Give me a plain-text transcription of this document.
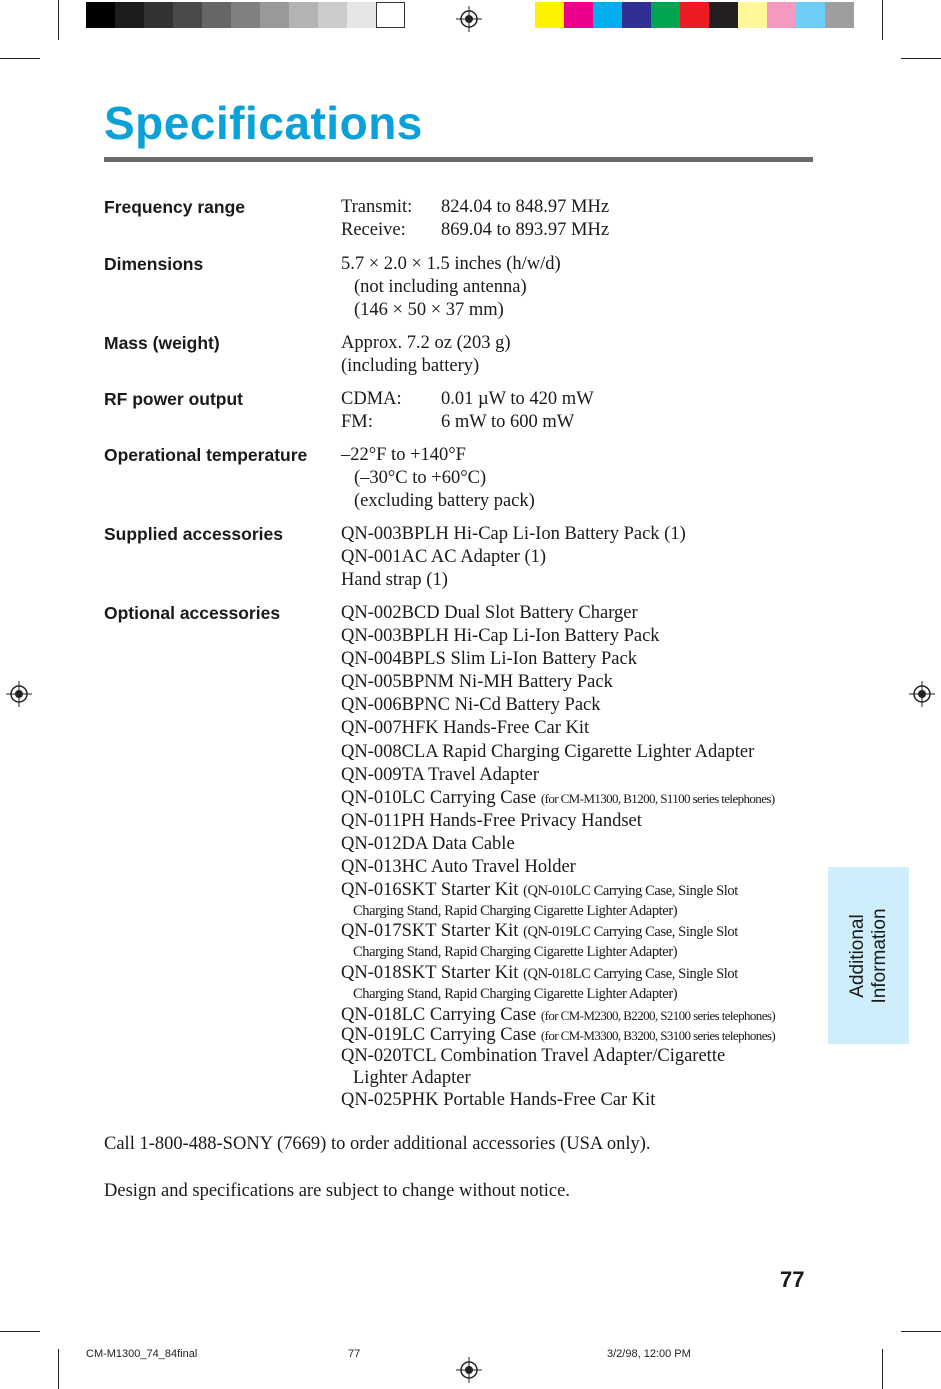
Specifications
Frequency range	Transmit: 824.04 to 848.97 MHz
Receive: 869.04 to 893.97 MHz
Dimensions	5.7 × 2.0 × 1.5 inches (h/w/d)
(not including antenna)
(146 × 50 × 37 mm)
Mass (weight)	Approx. 7.2 oz (203 g)
(including battery)
RF power output	CDMA: 0.01 µW to 420 mW
FM:	6 mW to 600 mW
Operational temperature –22°F to +140°F
(–30°C to +60°C)
(excluding battery pack)
Supplied accessories	QN-003BPLH Hi-Cap Li-Ion Battery Pack (1)
QN-001AC AC Adapter (1)
Hand strap (1)
Optional accessories	QN-002BCD Dual Slot Battery Charger
QN-003BPLH Hi-Cap Li-Ion Battery Pack
QN-004BPLS Slim Li-Ion Battery Pack
QN-005BPNM Ni-MH Battery Pack
QN-006BPNC Ni-Cd Battery Pack
QN-007HFK Hands-Free Car Kit
QN-008CLA Rapid Charging Cigarette Lighter Adapter
QN-009TA Travel Adapter
QN-010LC Carrying Case (for CM-M1300, B1200, S1100 series telephones)
QN-011PH Hands-Free Privacy Handset
QN-012DA Data Cable
QN-013HC Auto Travel Holder
QN-016SKT Starter Kit (QN-010LC Carrying Case, Single Slot
Charging Stand, Rapid Charging Cigarette Lighter Adapter)
QN-017SKT Starter Kit (QN-019LC Carrying Case, Single Slot
Charging Stand, Rapid Charging Cigarette Lighter Adapter)
QN-018SKT Starter Kit (QN-018LC Carrying Case, Single Slot
Charging Stand, Rapid Charging Cigarette Lighter Adapter)
QN-018LC Carrying Case (for CM-M2300, B2200, S2100 series telephones)
QN-019LC Carrying Case (for CM-M3300, B3200, S3100 series telephones)
QN-020TCL Combination Travel Adapter/Cigarette
Lighter Adapter
QN-025PHK Portable Hands-Free Car Kit
Call 1-800-488-SONY (7669) to order additional accessories (USA only).
Design and specifications are subject to change without notice.
Additional
Information
77
CM-M1300_74_84final	77	3/2/98, 12:00 PM
